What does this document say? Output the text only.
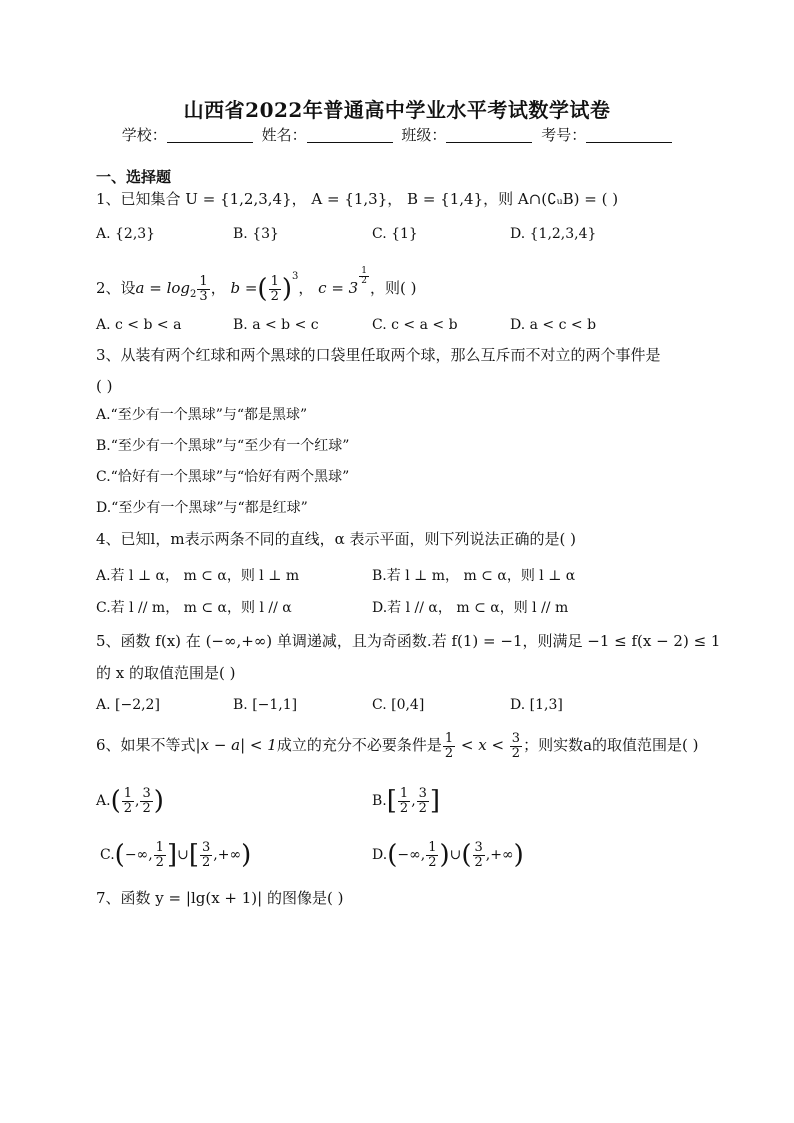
山西省2022年普通高中学业水平考试数学试卷
学校：	姓名：	班级：	考号：
一、选择题
1、已知集合 U = {1,2,3,4}， A = {1,3}， B = {1,4}，则 A∩(∁ᵤB) = ( )
A. {2,3}	B. {3}	C. {1}	D. {1,2,3,4}
2、设$a = \log_2 \frac{1}{3}$ ， b =( $\frac{1}{2} )^3$， c = 3
$^{\frac{1}{2}}$
，则( )
A. c < b < a	B. a < b < c	C. c < a < b	D. a < c < b
3、从装有两个红球和两个黑球的口袋里任取两个球，那么互斥而不对立的两个事件是
( )
A.“至少有一个黑球”与“都是黑球”
B.“至少有一个黑球”与“至少有一个红球”
C.“恰好有一个黑球”与“恰好有两个黑球”
D.“至少有一个黑球”与“都是红球”
4、已知l，m表示两条不同的直线，α 表示平面，则下列说法正确的是( )
A.若 l ⊥ α， m ⊂ α，则 l ⊥ m	B.若 l ⊥ m， m ⊂ α，则 l ⊥ α
C.若 l // m， m ⊂ α，则 l // α	D.若 l // α， m ⊂ α，则 l // m
5、函数 f(x) 在 (−∞,+∞) 单调递减，且为奇函数.若 f(1) = −1，则满足 −1 ≤ f(x − 2) ≤ 1
的 x 的取值范围是( )
A. [−2,2]	B. [−1,1]	C. [0,4]	D. [1,3]
6、如果不等式|x − a| < 1成立的充分不必要条件是 $\frac{1}{2} < x < \frac{3}{2}$ ；则实数a的取值范围是( )
$A.( \frac{1}{2}$ , $\frac{3}{2}$ )	$B.[ \frac{1}{2}$ , $\frac{3}{2}$ ]
C.(−∞, $\frac{1}{2}$ ]∪[ $\frac{3}{2}$ ,+∞)	D.(−∞, $\frac{1}{2}$ )∪( $\frac{3}{2}$ ,+∞)
7、函数 y = |lg(x + 1)| 的图像是( )
